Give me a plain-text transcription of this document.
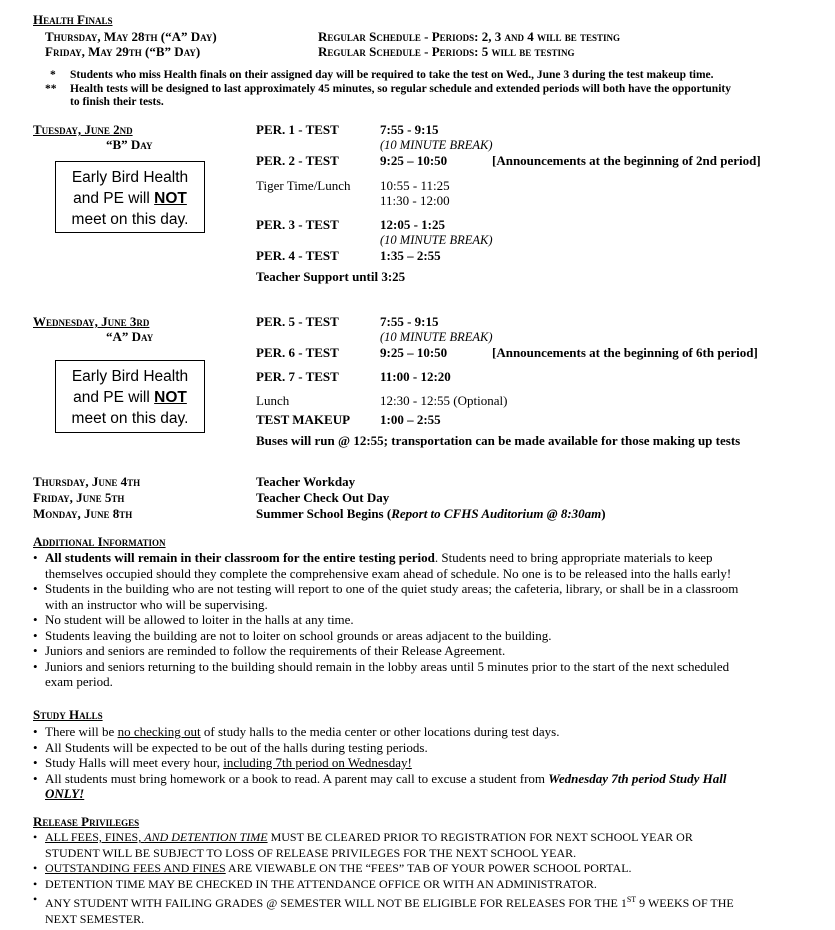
Health Finals
Thursday, May 28th (“A” Day)	Regular Schedule - Periods: 2, 3 and 4 will be testing
Friday, May 29th (“B” Day)	Regular Schedule - Periods: 5 will be testing
* Students who miss Health finals on their assigned day will be required to take the test on Wed., June 3 during the test makeup time.
** Health tests will be designed to last approximately 45 minutes, so regular schedule and extended periods will both have the opportunity
to finish their tests.
Tuesday, June 2nd
“B” Day
Early Bird Health
and PE will NOT
meet on this day.
PER. 1 - TEST	7:55 - 9:15
(10 MINUTE BREAK)
PER. 2 - TEST	9:25 – 10:50	[Announcements at the beginning of 2nd period]
Tiger Time/Lunch 10:55 - 11:25
11:30 - 12:00
PER. 3 - TEST	12:05 - 1:25
(10 MINUTE BREAK)
PER. 4 - TEST	1:35 – 2:55
Teacher Support until 3:25
Wednesday, June 3rd
“A” Day
Early Bird Health
and PE will NOT
meet on this day.
PER. 5 - TEST	7:55 - 9:15
(10 MINUTE BREAK)
PER. 6 - TEST	9:25 – 10:50	[Announcements at the beginning of 6th period]
PER. 7 - TEST	11:00 - 12:20
Lunch	12:30 - 12:55 (Optional)
TEST MAKEUP 1:00 – 2:55
Buses will run @ 12:55; transportation can be made available for those making up tests
Thursday, June 4th	Teacher Workday
Friday, June 5th	Teacher Check Out Day
Monday, June 8th	Summer School Begins (Report to CFHS Auditorium @ 8:30am)
Additional Information
• All students will remain in their classroom for the entire testing period. Students need to bring appropriate materials to keep
themselves occupied should they complete the comprehensive exam ahead of schedule. No one is to be released into the halls early!
• Students in the building who are not testing will report to one of the quiet study areas; the cafeteria, library, or shall be in a classroom
with an instructor who will be supervising.
• No student will be allowed to loiter in the halls at any time.
• Students leaving the building are not to loiter on school grounds or areas adjacent to the building.
• Juniors and seniors are reminded to follow the requirements of their Release Agreement.
• Juniors and seniors returning to the building should remain in the lobby areas until 5 minutes prior to the start of the next scheduled
exam period.
Study Halls
• There will be no checking out of study halls to the media center or other locations during test days.
• All Students will be expected to be out of the halls during testing periods.
• Study Halls will meet every hour, including 7th period on Wednesday!
• All students must bring homework or a book to read. A parent may call to excuse a student from Wednesday 7th period Study Hall
ONLY!
Release Privileges
• ALL FEES, FINES, AND DETENTION TIME MUST BE CLEARED PRIOR TO REGISTRATION FOR NEXT SCHOOL YEAR OR
STUDENT WILL BE SUBJECT TO LOSS OF RELEASE PRIVILEGES FOR THE NEXT SCHOOL YEAR.
• OUTSTANDING FEES AND FINES ARE VIEWABLE ON THE “FEES” TAB OF YOUR POWER SCHOOL PORTAL.
• DETENTION TIME MAY BE CHECKED IN THE ATTENDANCE OFFICE OR WITH AN ADMINISTRATOR.
• ANY STUDENT WITH FAILING GRADES @ SEMESTER WILL NOT BE ELIGIBLE FOR RELEASES FOR THE 1ST 9 WEEKS OF THE
NEXT SEMESTER.
